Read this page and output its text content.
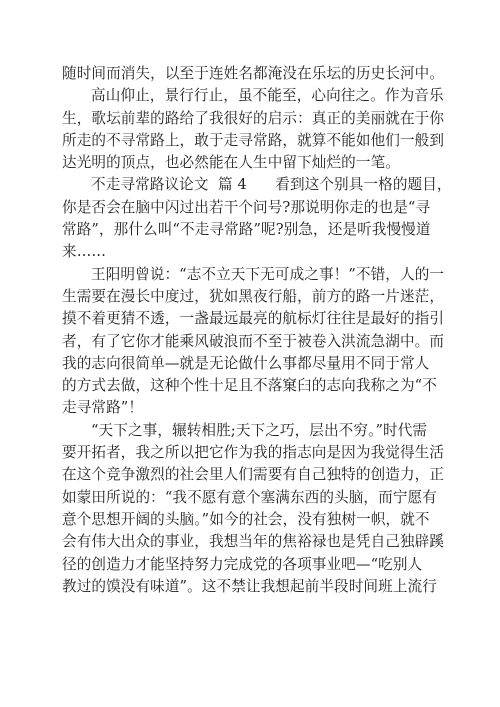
随时间而消失，以至于连姓名都淹没在乐坛的历史长河中。
高山仰止，景行行止，虽不能至，心向往之。作为音乐
生，歌坛前辈的路给了我很好的启示：真正的美丽就在于你
所走的不寻常路上，敢于走寻常路，就算不能如他们一般到
达光明的顶点，也必然能在人生中留下灿烂的一笔。
不走寻常路议论文  篇 4      看到这个别具一格的题目，
你是否会在脑中闪过出若干个问号?那说明你走的也是“寻
常路”，那什么叫“不走寻常路”呢?别急，还是听我慢慢道
来……
王阳明曾说：“志不立天下无可成之事！”不错，人的一
生需要在漫长中度过，犹如黑夜行船，前方的路一片迷茫，
摸不着更猜不透，一盏最远最亮的航标灯往往是最好的指引
者，有了它你才能乘风破浪而不至于被卷入洪流急湖中。而
我的志向很简单—就是无论做什么事都尽量用不同于常人
的方式去做，这种个性十足且不落窠臼的志向我称之为“不
走寻常路”！
“天下之事，辗转相胜;天下之巧，层出不穷。”时代需
要开拓者，我之所以把它作为我的指志向是因为我觉得生活
在这个竞争激烈的社会里人们需要有自己独特的创造力，正
如蒙田所说的：“我不愿有意个塞满东西的头脑，而宁愿有
意个思想开阔的头脑。”如今的社会，没有独树一帜，就不
会有伟大出众的事业，我想当年的焦裕禄也是凭自己独辟蹊
径的创造力才能坚持努力完成党的各项事业吧—“吃别人
教过的馍没有味道”。这不禁让我想起前半段时间班上流行
